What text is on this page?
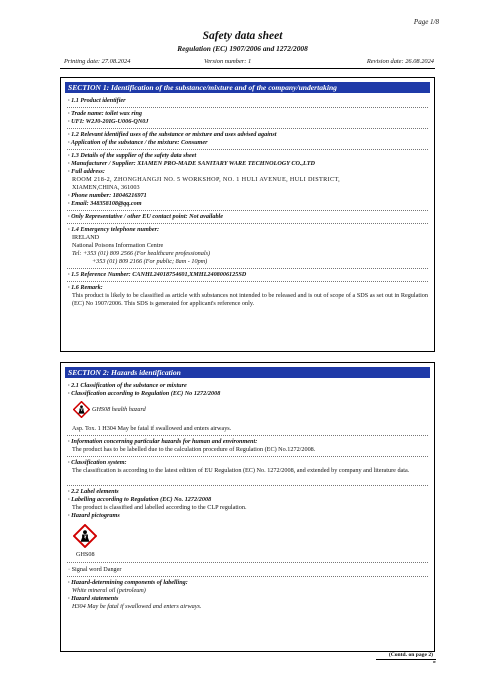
Page 1/8
Safety data sheet
Regulation (EC) 1907/2006 and 1272/2008
Printing date: 27.08.2024	Version number: 1	Revision date: 26.08.2024
SECTION 1: Identification of the substance/mixture and of the company/undertaking
· 1.1 Product identifier
· Trade name: toilet wax ring
· UFI: W2J0-20IG-U006-QN0J
· 1.2 Relevant identified uses of the substance or mixture and uses advised against
· Application of the substance / the mixture: Consumer
· 1.3 Details of the supplier of the safety data sheet
· Manufacturer / Supplier: XIAMEN PRO-MADE SANITARY WARE TECHNOLOGY CO.,LTD
· Full address:
ROOM 218-2, ZHONGHANGJI NO. 5 WORKSHOP, NO. 1 HULI AVENUE, HULI DISTRICT,
XIAMEN,CHINA, 361003
· Phone number: 18046216971
· Email: 348358108@qq.com
· Only Representative / other EU contact point: Not available
· 1.4 Emergency telephone number:
IRELAND
National Poisons Information Centre
Tel: +353 (01) 809 2566 (For healthcare professionals)
+353 (01) 809 2166 (For public; 8am - 10pm)
· 1.5 Reference Number: CANHL24018754601,XMHL2408006125SD
· 1.6 Remark:
This product is likely to be classified as article with substances not intended to be released and is out of scope of a SDS as set out in Regulation (EC) No 1907/2006. This SDS is generated for applicant's reference only.
SECTION 2: Hazards identification
· 2.1 Classification of the substance or mixture
· Classification according to Regulation (EC) No 1272/2008
GHS08 health hazard
Asp. Tox. 1 H304 May be fatal if swallowed and enters airways.
· Information concerning particular hazards for human and environment:
The product has to be labelled due to the calculation procedure of Regulation (EC) No.1272/2008.
· Classification system:
The classification is according to the latest edition of EU Regulation (EC) No. 1272/2008, and extended by company and literature data.
· 2.2 Label elements
· Labelling according to Regulation (EC) No. 1272/2008
The product is classified and labelled according to the CLP regulation.
· Hazard pictograms
GHS08
· Signal word Danger
· Hazard-determining components of labelling:
White mineral oil (petroleum)
· Hazard statements
H304 May be fatal if swallowed and enters airways.
(Contd. on page 2)
IE
